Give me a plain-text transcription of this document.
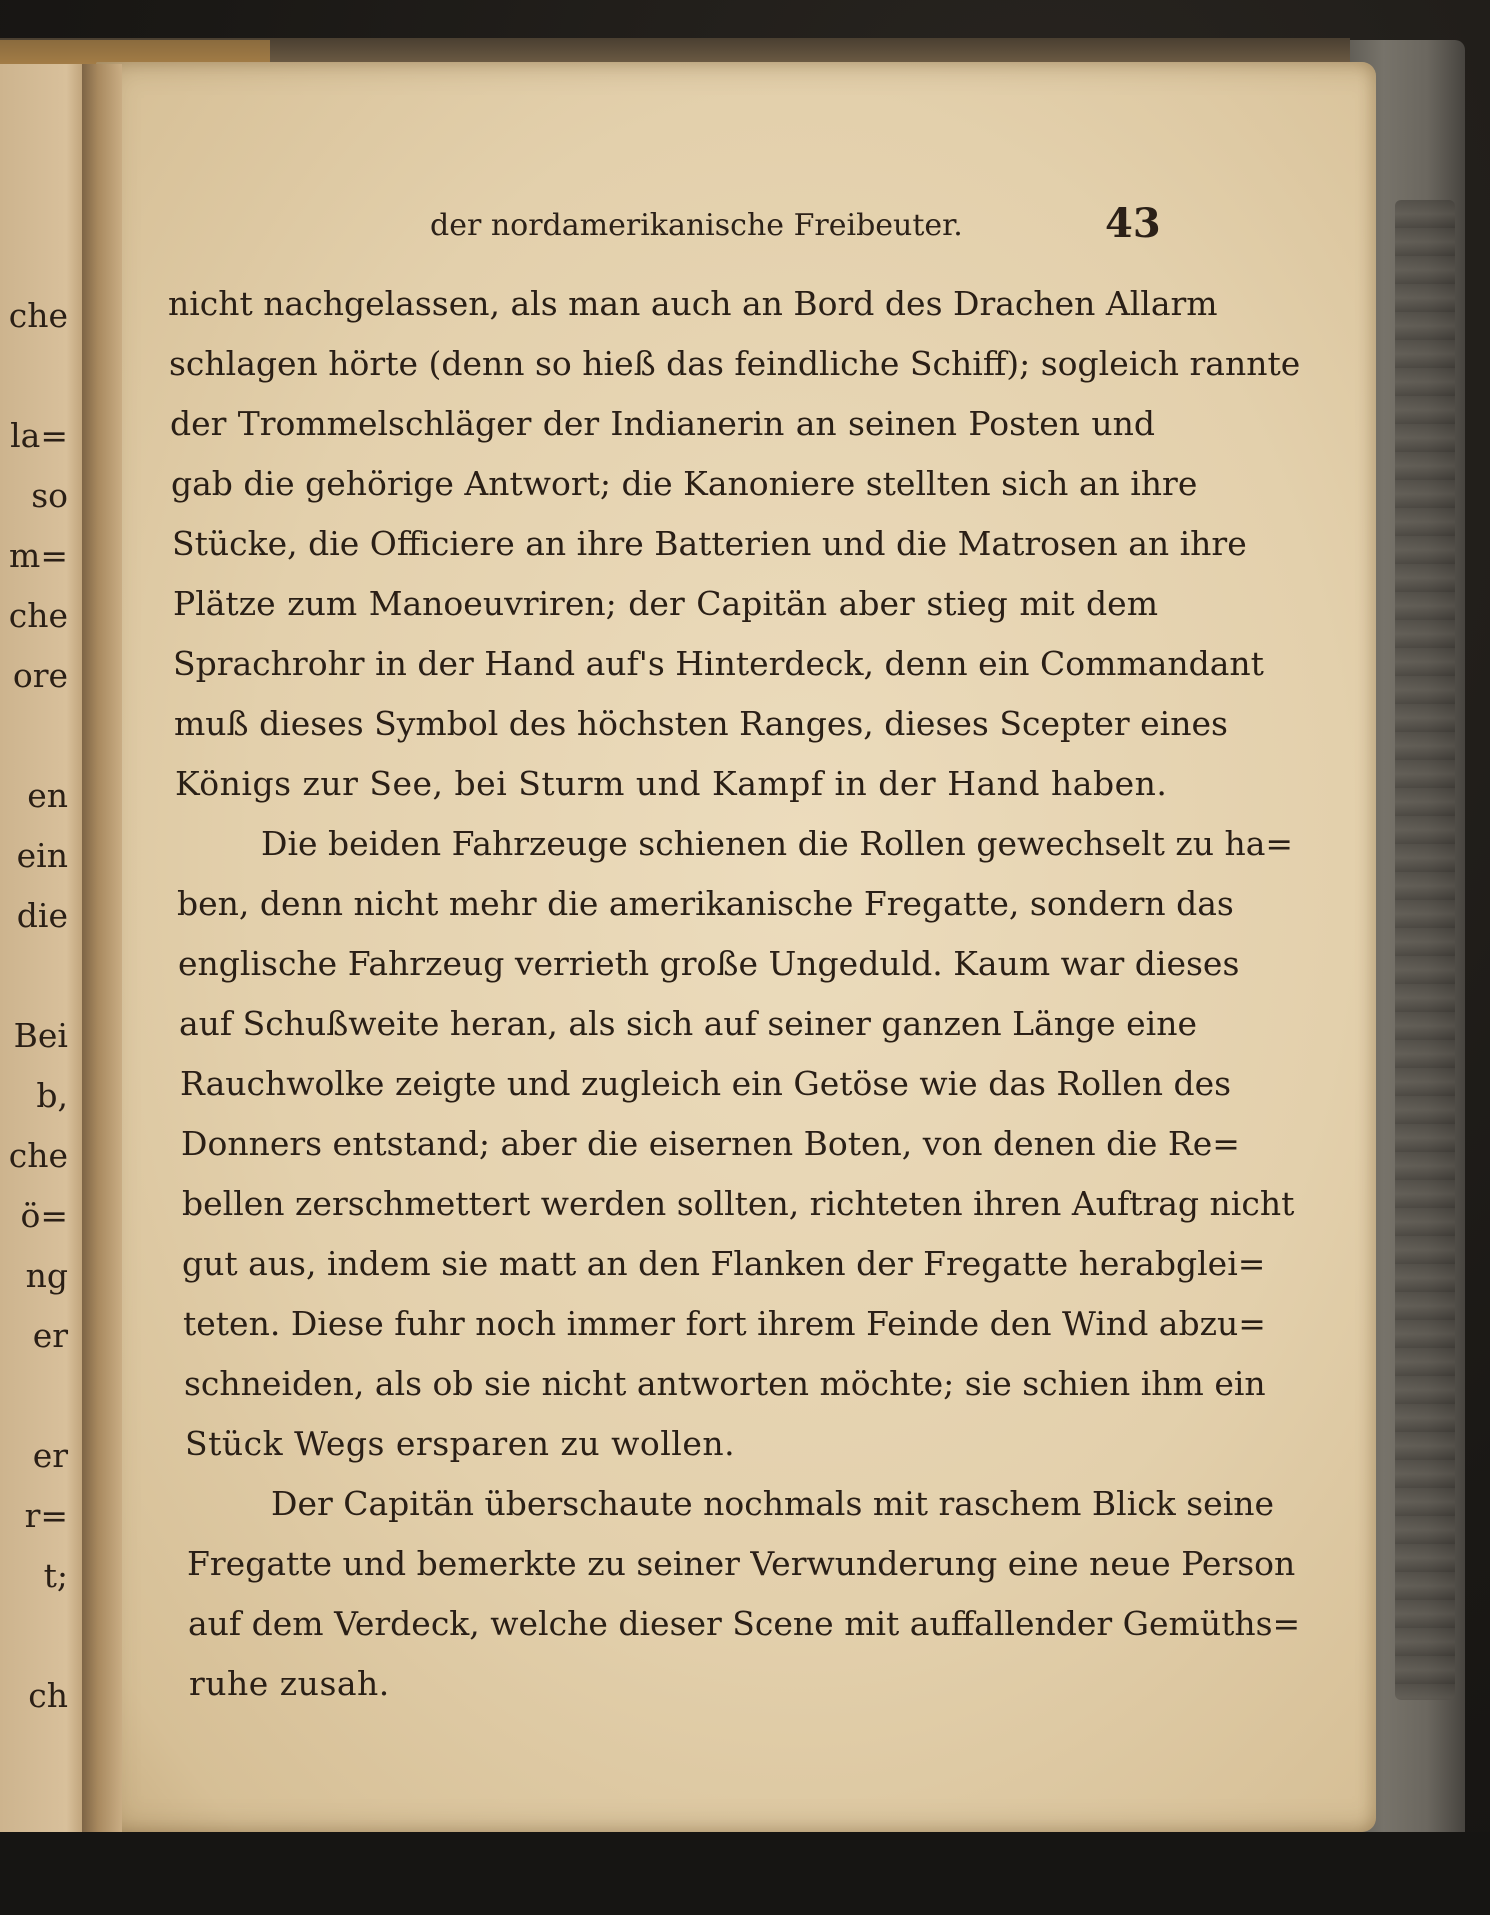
der nordamerikanische Freibeuter.	43
che
la=
so
m=
che
ore
en
ein
die
Bei
b,
che
ö=
ng
er
er
r=
t;
ch
nicht nachgelassen, als man auch an Bord des Drachen Allarm
schlagen hörte (denn so hieß das feindliche Schiff); sogleich rannte
der Trommelschläger der Indianerin an seinen Posten und
gab die gehörige Antwort; die Kanoniere stellten sich an ihre
Stücke, die Officiere an ihre Batterien und die Matrosen an ihre
Plätze zum Manoeuvriren; der Capitän aber stieg mit dem
Sprachrohr in der Hand auf's Hinterdeck, denn ein Commandant
muß dieses Symbol des höchsten Ranges, dieses Scepter eines
Königs zur See, bei Sturm und Kampf in der Hand haben.
Die beiden Fahrzeuge schienen die Rollen gewechselt zu ha=
ben, denn nicht mehr die amerikanische Fregatte, sondern das
englische Fahrzeug verrieth große Ungeduld. Kaum war dieses
auf Schußweite heran, als sich auf seiner ganzen Länge eine
Rauchwolke zeigte und zugleich ein Getöse wie das Rollen des
Donners entstand; aber die eisernen Boten, von denen die Re=
bellen zerschmettert werden sollten, richteten ihren Auftrag nicht
gut aus, indem sie matt an den Flanken der Fregatte herabglei=
teten. Diese fuhr noch immer fort ihrem Feinde den Wind abzu=
schneiden, als ob sie nicht antworten möchte; sie schien ihm ein
Stück Wegs ersparen zu wollen.
Der Capitän überschaute nochmals mit raschem Blick seine
Fregatte und bemerkte zu seiner Verwunderung eine neue Person
auf dem Verdeck, welche dieser Scene mit auffallender Gemüths=
ruhe zusah.
